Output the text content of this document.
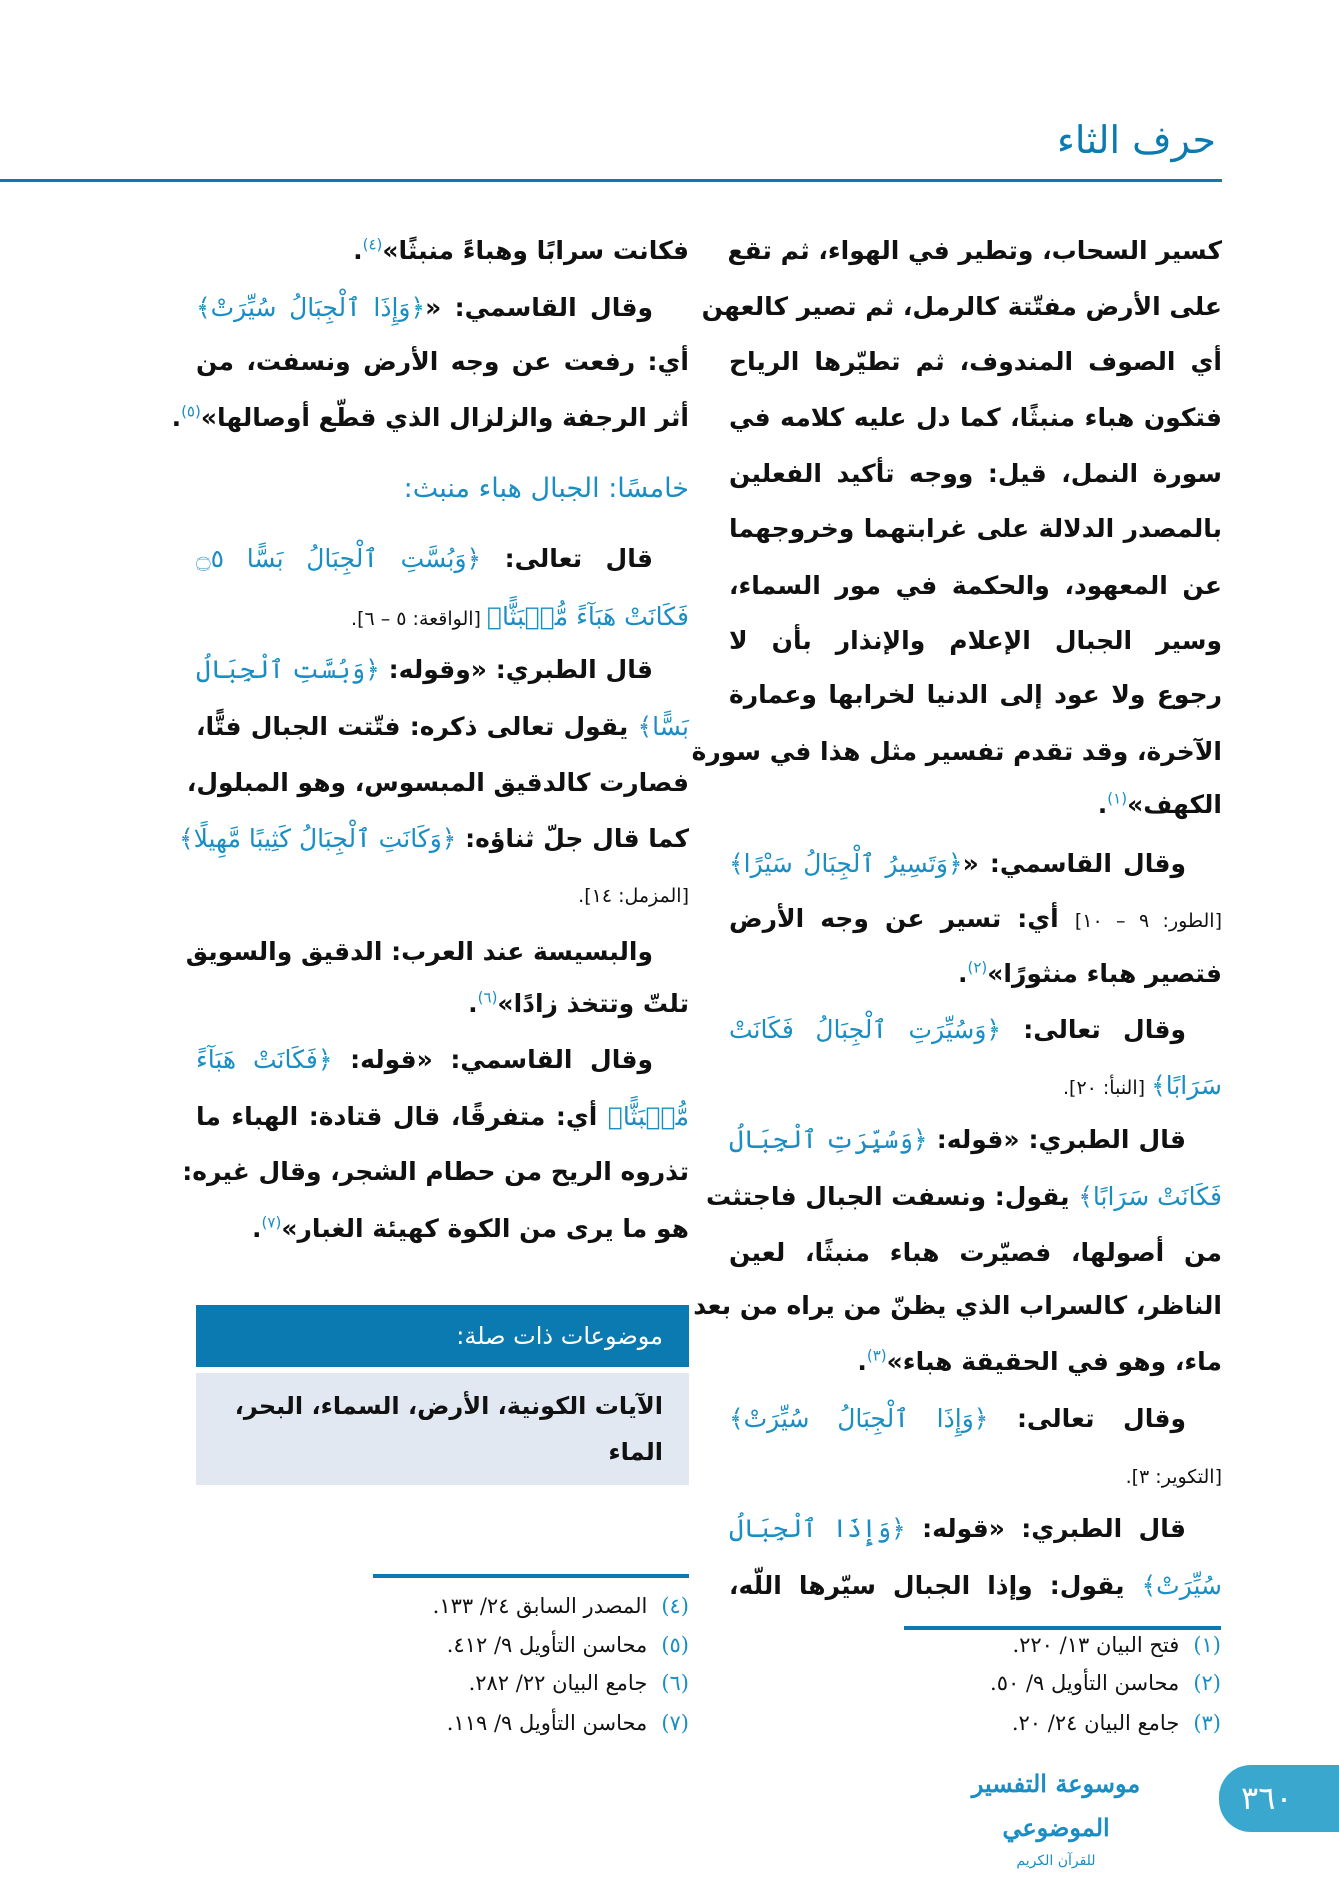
حرف الثاء
كسير السحاب، وتطير في الهواء، ثم تقع
على الأرض مفتّتة كالرمل، ثم تصير كالعهن
أي الصوف المندوف، ثم تطيّرها الرياح
فتكون هباء منبثًا، كما دل عليه كلامه في
سورة النمل، قيل: ووجه تأكيد الفعلين
بالمصدر الدلالة على غرابتهما وخروجهما
عن المعهود، والحكمة في مور السماء،
وسير الجبال الإعلام والإنذار بأن لا
رجوع ولا عود إلى الدنيا لخرابها وعمارة
الآخرة، وقد تقدم تفسير مثل هذا في سورة
الكهف»$^{(١)}$.
وقال القاسمي: «﴿وَتَسِيرُ ٱلْجِبَالُ سَيْرًا﴾
[الطور: ٩ – ١٠] أي: تسير عن وجه الأرض
فتصير هباء منثورًا»$^{(٢)}$.
وقال تعالى: ﴿وَسُيِّرَتِ ٱلْجِبَالُ فَكَانَتْ
سَرَابًا﴾ [النبأ: ٢٠].
قال الطبري: «قوله: ﴿وَسُيِّرَتِ ٱلْجِبَالُ
فَكَانَتْ سَرَابًا﴾ يقول: ونسفت الجبال فاجتثت
من أصولها، فصيّرت هباء منبثًا، لعين
الناظر، كالسراب الذي يظنّ من يراه من بعد
ماء، وهو في الحقيقة هباء»$^{(٣)}$.
وقال تعالى: ﴿وَإِذَا ٱلْجِبَالُ سُيِّرَتْ﴾
[التكوير: ٣].
قال الطبري: «قوله: ﴿وَإِذَا ٱلْجِبَالُ
سُيِّرَتْ﴾ يقول: وإذا الجبال سيّرها اللّه،
فكانت سرابًا وهباءً منبثًا»$^{(٤)}$.
وقال القاسمي: «﴿وَإِذَا ٱلْجِبَالُ سُيِّرَتْ﴾
أي: رفعت عن وجه الأرض ونسفت، من
أثر الرجفة والزلزال الذي قطّع أوصالها»$^{(٥)}$.
خامسًا: الجبال هباء منبث:
قال تعالى: ﴿وَبُسَّتِ ٱلْجِبَالُ بَسًّا ۝٥
فَكَانَتْ هَبَآءً مُّنۢبَثًّا﴾ [الواقعة: ٥ – ٦].
قال الطبري: «وقوله: ﴿وَبُسَّتِ ٱلْجِبَالُ
بَسًّا﴾ يقول تعالى ذكره: فتّتت الجبال فتًّا،
فصارت كالدقيق المبسوس، وهو المبلول،
كما قال جلّ ثناؤه: ﴿وَكَانَتِ ٱلْجِبَالُ كَثِيبًا مَّهِيلًا﴾
[المزمل: ١٤].
والبسيسة عند العرب: الدقيق والسويق
تلتّ وتتخذ زادًا»$^{(٦)}$.
وقال القاسمي: «قوله: ﴿فَكَانَتْ هَبَآءً
مُّنۢبَثًّا﴾ أي: متفرقًا، قال قتادة: الهباء ما
تذروه الريح من حطام الشجر، وقال غيره:
هو ما يرى من الكوة كهيئة الغبار»$^{(٧)}$.
موضوعات ذات صلة:
الآيات الكونية، الأرض، السماء، البحر، الماء
(١)فتح البيان ١٣/ ٢٢٠.
(٢)محاسن التأويل ٩/ ٥٠.
(٣)جامع البيان ٢٤/ ٢٠.
(٤)المصدر السابق ٢٤/ ١٣٣.
(٥)محاسن التأويل ٩/ ٤١٢.
(٦)جامع البيان ٢٢/ ٢٨٢.
(٧)محاسن التأويل ٩/ ١١٩.
موسوعة التفسير الموضوعي
للقرآن الكريم
٣٦٠
